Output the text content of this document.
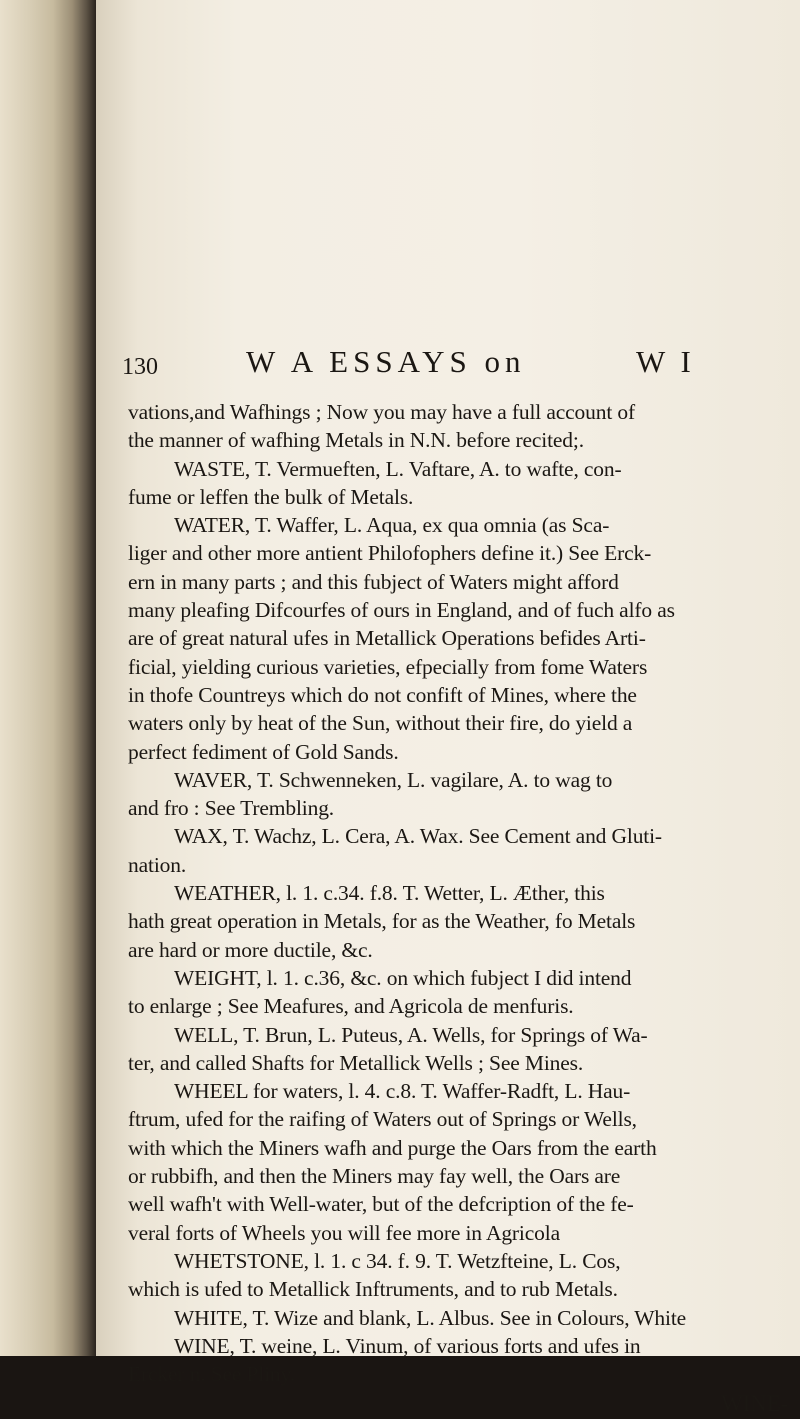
130	W A ESSAYS on	W I

vations,and Wafhings ; Now you may have a full account of

the manner of wafhing Metals in N.N. before recited;.

WASTE, T. Vermueften, L. Vaftare, A. to wafte, con-

fume or leffen the bulk of Metals.

WATER, T. Waffer, L. Aqua, ex qua omnia (as Sca-

liger and other more antient Philofophers define it.) See Erck-

ern in many parts ; and this fubject of Waters might afford

many pleafing Difcourfes of ours in England, and of fuch alfo as

are of great natural ufes in Metallick Operations befides Arti-

ficial, yielding curious varieties, efpecially from fome Waters

in thofe Countreys which do not confift of Mines, where the

waters only by heat of the Sun, without their fire, do yield a

perfect fediment of Gold Sands.

WAVER, T. Schwenneken, L. vagilare, A. to wag to

and fro : See Trembling.

WAX, T. Wachz, L. Cera, A. Wax. See Cement and Gluti-

nation.

WEATHER, l. 1. c.34. f.8. T. Wetter, L. Æther, this

hath great operation in Metals, for as the Weather, fo Metals

are hard or more ductile, &c.

WEIGHT, l. 1. c.36, &c. on which fubject I did intend

to enlarge ; See Meafures, and Agricola de menfuris.

WELL, T. Brun, L. Puteus, A. Wells, for Springs of Wa-

ter, and called Shafts for Metallick Wells ; See Mines.

WHEEL for waters, l. 4. c.8. T. Waffer-Radft, L. Hau-

ftrum, ufed for the raifing of Waters out of Springs or Wells,

with which the Miners wafh and purge the Oars from the earth

or rubbifh, and then the Miners may fay well, the Oars are

well wafh't with Well-water, but of the defcription of the fe-

veral forts of Wheels you will fee more in Agricola

WHETSTONE, l. 1. c 34. f. 9. T. Wetzfteine, L. Cos,

which is ufed to Metallick Inftruments, and to rub Metals.

WHITE, T. Wize and blank, L. Albus. See in Colours, White

WINE, T. weine, L. Vinum, of various forts and ufes in

Ercker n. See Pliny.

WINE-
